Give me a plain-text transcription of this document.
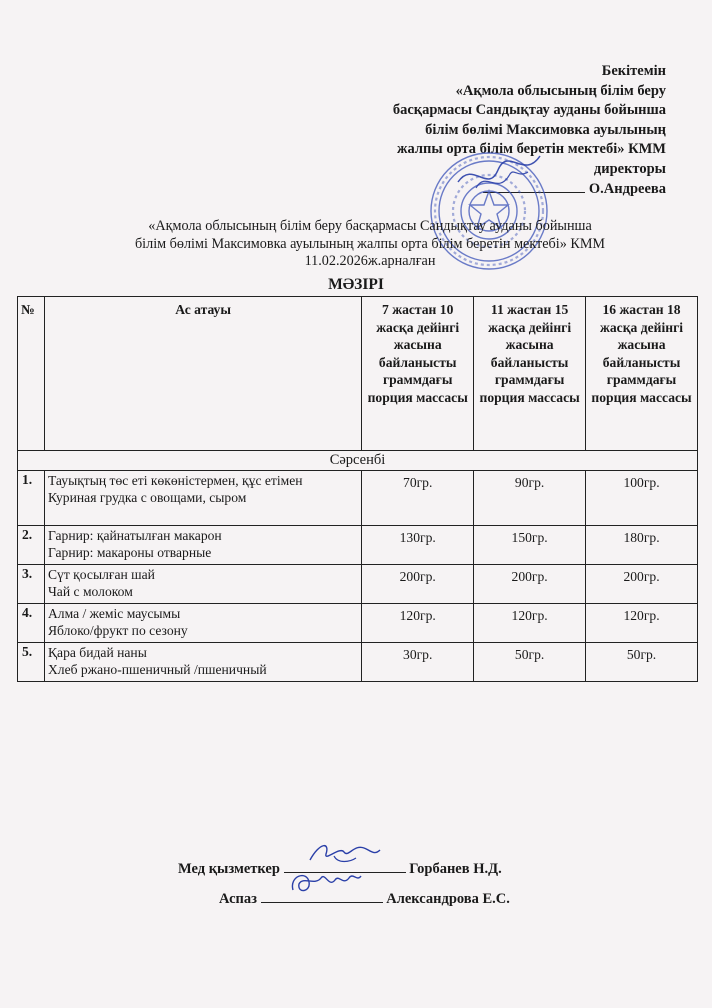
Бекітемін
«Ақмола облысының білім беру
басқармасы Сандықтау ауданы бойынша
білім бөлімі Максимовка ауылының
жалпы орта білім беретін мектебі» КММ
директоры
О.Андреева
«Ақмола облысының білім беру басқармасы Сандықтау ауданы бойынша
білім бөлімі Максимовка ауылының жалпы орта білім беретін мектебі» КММ
11.02.2026ж.арналған
МӘЗІРІ
№	Ас атауы	7 жастан 10 жасқа дейінгі жасына байланысты граммдағы порция массасы	11 жастан 15 жасқа дейінгі жасына байланысты граммдағы порция массасы	16 жастан 18 жасқа дейінгі жасына байланысты граммдағы порция массасы
Сәрсенбі				
1.	Тауықтың төс еті көкөністермен, құс етімен
Куриная грудка с овощами, сыром	70гр.	90гр.	100гр.
2.	Гарнир: қайнатылған макарон
Гарнир: макароны отварные	130гр.	150гр.	180гр.
3.	Сүт қосылған шай
Чай с молоком	200гр.	200гр.	200гр.
4.	Алма / жеміс маусымы
Яблоко/фрукт по сезону	120гр.	120гр.	120гр.
5.	Қара бидай наны
Хлеб ржано-пшеничный /пшеничный	30гр.	50гр.	50гр.
Мед қызметкер	Горбанев Н.Д.
Аспаз	Александрова Е.С.
